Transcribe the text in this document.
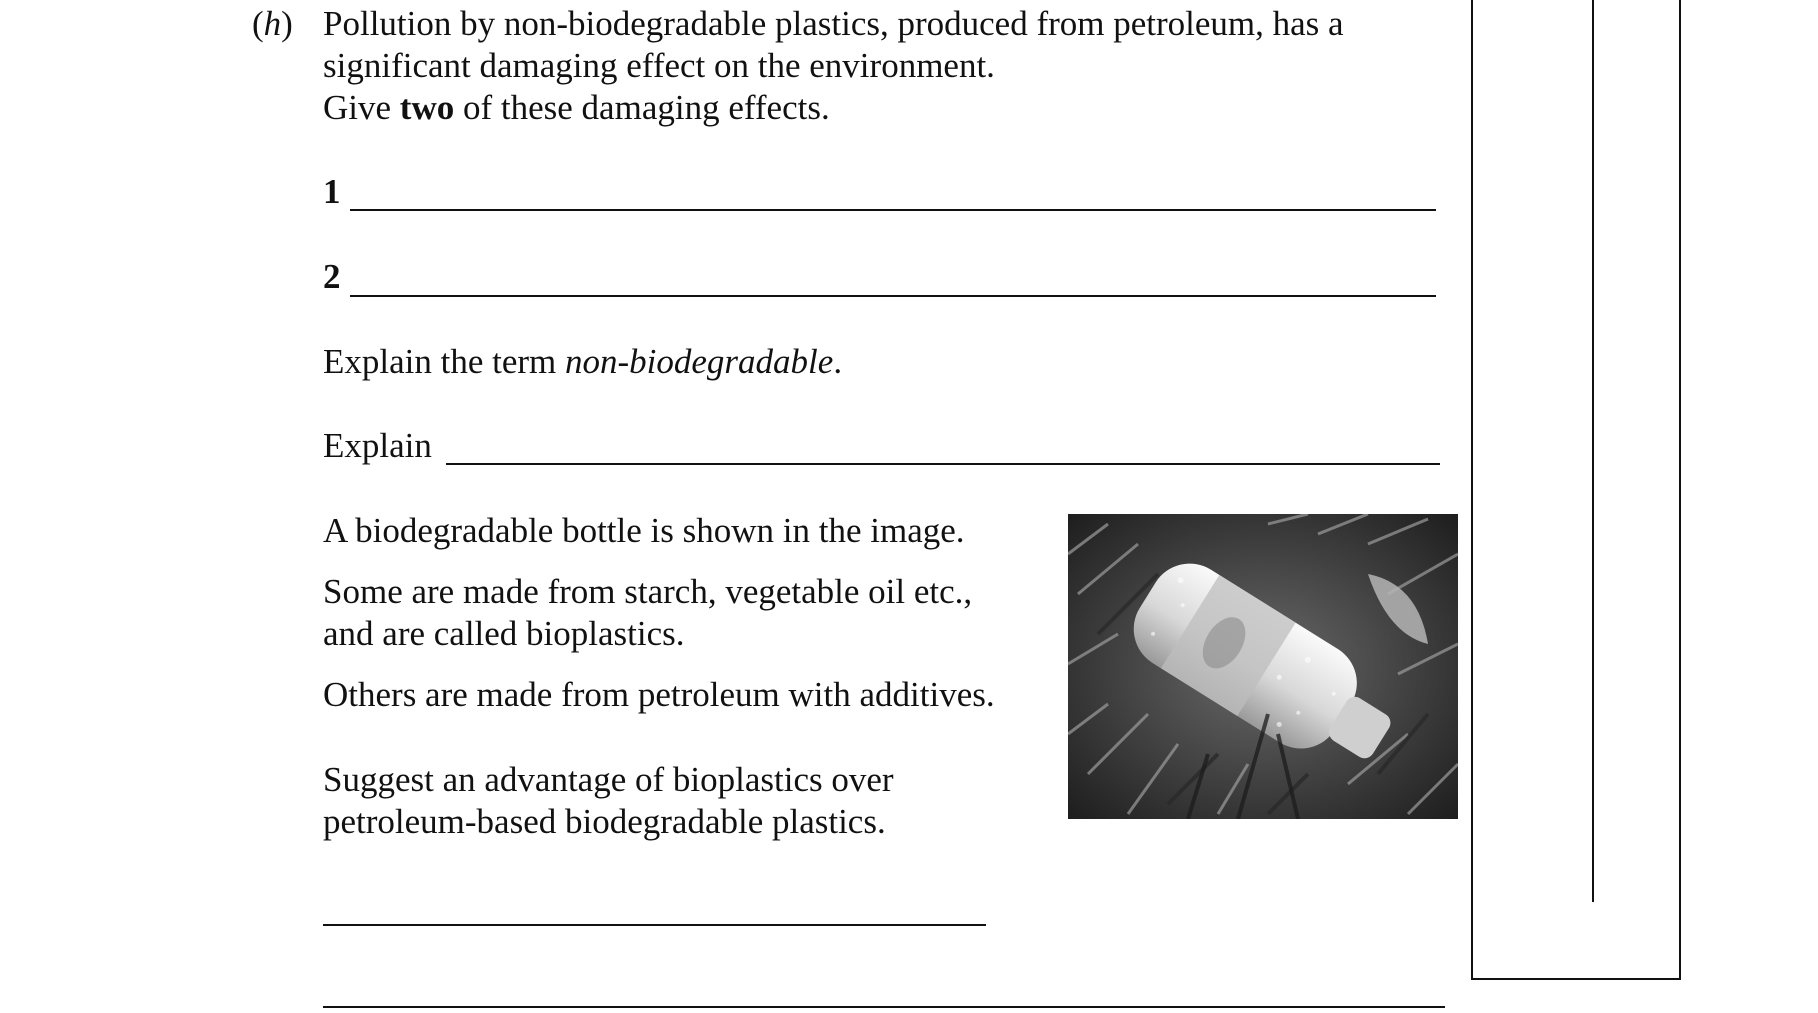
(h) Pollution by non-biodegradable plastics, produced from petroleum, has a
significant damaging effect on the environment.
Give two of these damaging effects.
1
2
Explain the term non-biodegradable.
Explain
A biodegradable bottle is shown in the image.
Some are made from starch, vegetable oil etc.,
and are called bioplastics.
Others are made from petroleum with additives.
Suggest an advantage of bioplastics over
petroleum-based biodegradable plastics.
